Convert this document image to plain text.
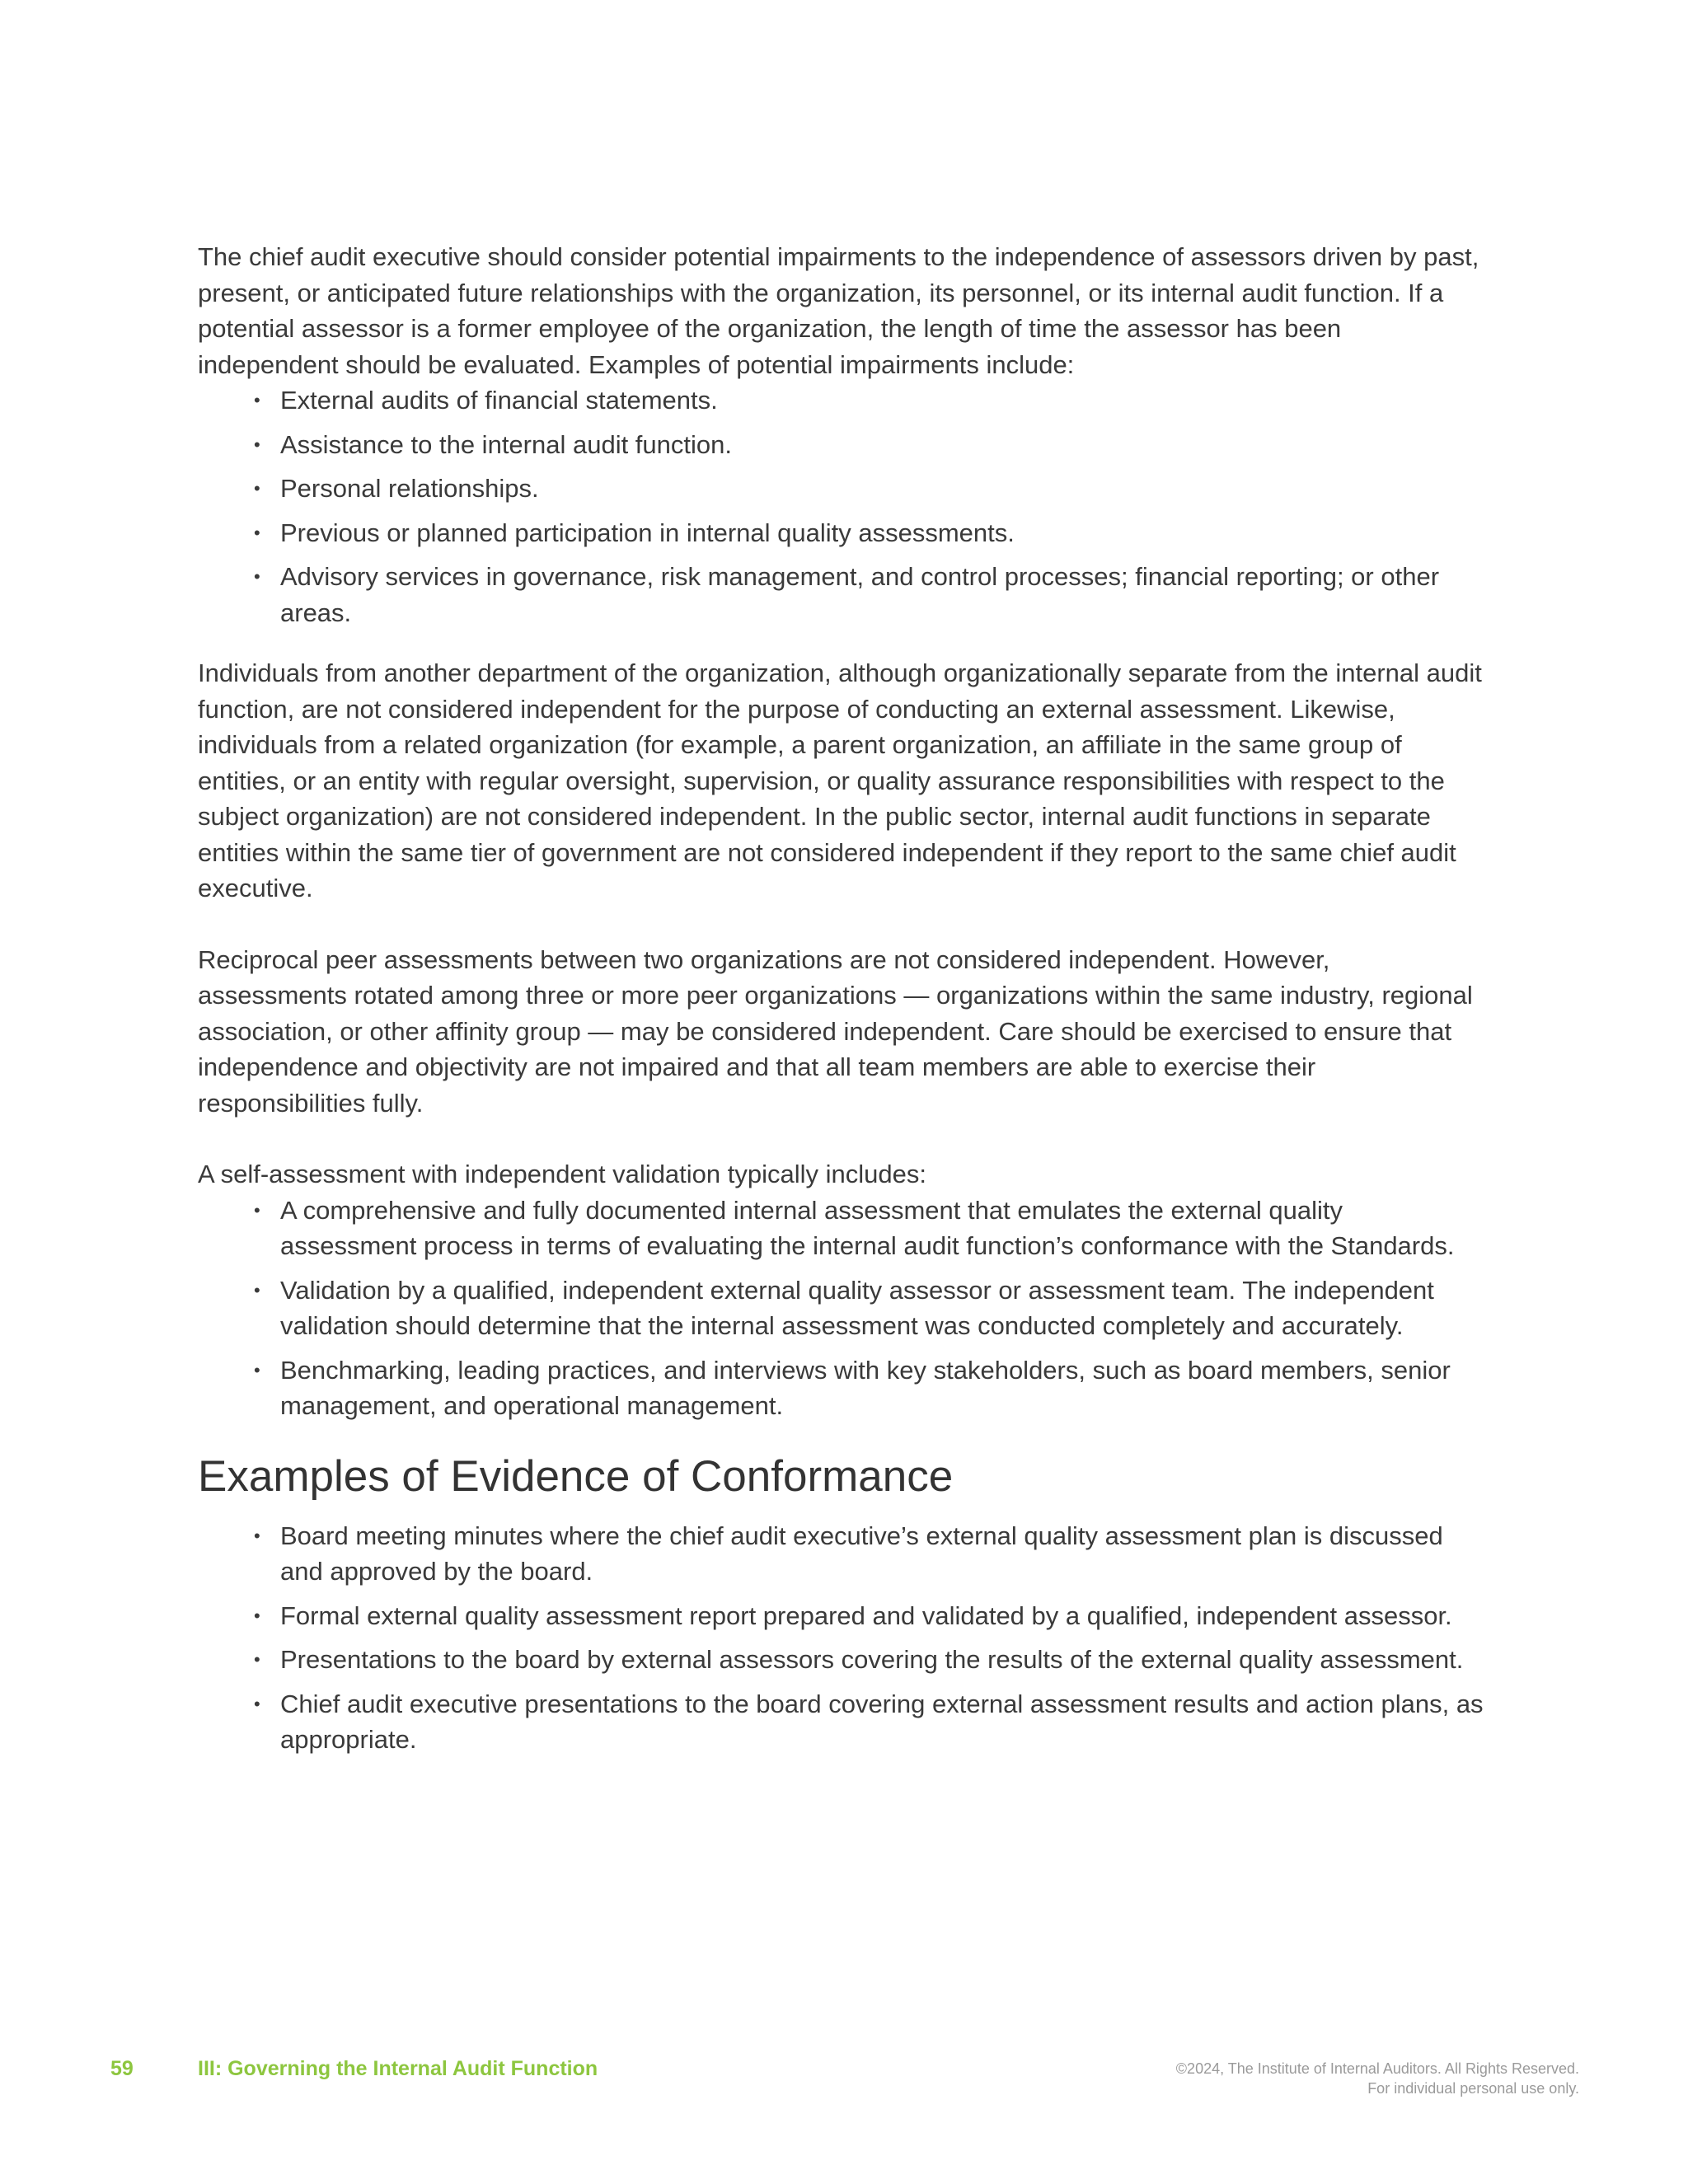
The chief audit executive should consider potential impairments to the independence of assessors driven by past, present, or anticipated future relationships with the organization, its personnel, or its internal audit function. If a potential assessor is a former employee of the organization, the length of time the assessor has been independent should be evaluated. Examples of potential impairments include:

• External audits of financial statements.
• Assistance to the internal audit function.
• Personal relationships.
• Previous or planned participation in internal quality assessments.
• Advisory services in governance, risk management, and control processes; financial reporting; or other areas.

Individuals from another department of the organization, although organizationally separate from the internal audit function, are not considered independent for the purpose of conducting an external assessment. Likewise, individuals from a related organization (for example, a parent organization, an affiliate in the same group of entities, or an entity with regular oversight, supervision, or quality assurance responsibilities with respect to the subject organization) are not considered independent. In the public sector, internal audit functions in separate entities within the same tier of government are not considered independent if they report to the same chief audit executive.

Reciprocal peer assessments between two organizations are not considered independent. However, assessments rotated among three or more peer organizations — organizations within the same industry, regional association, or other affinity group — may be considered independent. Care should be exercised to ensure that independence and objectivity are not impaired and that all team members are able to exercise their responsibilities fully.

A self-assessment with independent validation typically includes:

• A comprehensive and fully documented internal assessment that emulates the external quality assessment process in terms of evaluating the internal audit function’s conformance with the Standards.
• Validation by a qualified, independent external quality assessor or assessment team. The independent validation should determine that the internal assessment was conducted completely and accurately.
• Benchmarking, leading practices, and interviews with key stakeholders, such as board members, senior management, and operational management.
Examples of Evidence of Conformance
• Board meeting minutes where the chief audit executive’s external quality assessment plan is discussed and approved by the board.
• Formal external quality assessment report prepared and validated by a qualified, independent assessor.
• Presentations to the board by external assessors covering the results of the external quality assessment.
• Chief audit executive presentations to the board covering external assessment results and action plans, as appropriate.
59	III: Governing the Internal Audit Function	©2024, The Institute of Internal Auditors. All Rights Reserved.
For individual personal use only.
